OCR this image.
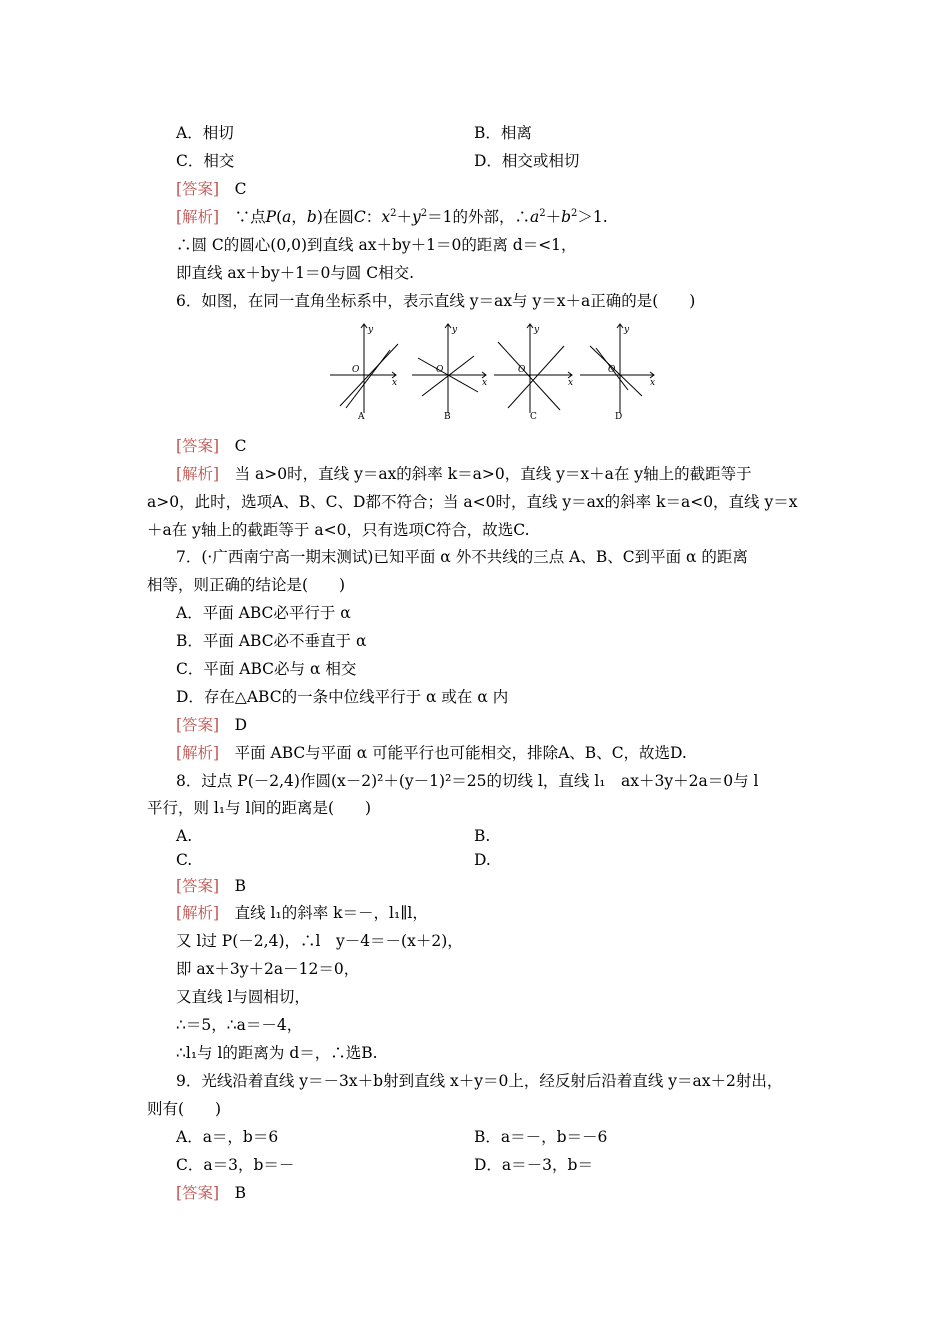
A．相切	B．相离
C．相交	D．相交或相切
[答案]　 C
[解析]　 ∵点P(a，b)在圆C：$x^2+y^2=1$的外部，$\therefore a^2+b^2>1$.
∴圆 C的圆心(0,0)到直线 ax＋by＋1＝0的距离 d＝<1，
即直线 ax＋by＋1＝0与圆 C相交.
6．如图，在同一直角坐标系中，表示直线 y＝ax与 y＝x＋a正确的是(　　)
y
x
O
y
x
O
y
x
O
y
x
O
A	B	C	D
[答案]　 C
[解析]　 当 a>0时，直线 y＝ax的斜率 k＝a>0，直线 y＝x＋a在 y轴上的截距等于
a>0，此时，选项A、B、C、D都不符合；当 a<0时，直线 y＝ax的斜率 k＝a<0，直线 y＝x
＋a在 y轴上的截距等于 a<0，只有选项C符合，故选C.
7．(·广西南宁高一期末测试)已知平面 α 外不共线的三点 A、B、C到平面 α 的距离
相等，则正确的结论是(　　)
A．平面 ABC必平行于 α
B．平面 ABC必不垂直于 α
C．平面 ABC必与 α 相交
D．存在△ABC的一条中位线平行于 α 或在 α 内
[答案]　 D
[解析]　 平面 ABC与平面 α 可能平行也可能相交，排除A、B、C，故选D.
8．过点 P(－2,4)作圆(x－2)²＋(y－1)²＝25的切线 l，直线 l₁　ax＋3y＋2a＝0与 l
平行，则 l₁与 l间的距离是(　　)
A.	B.
C.	D.
[答案]　 B
[解析]　 直线 l₁的斜率 k＝－，l₁∥l，
又 l过 P(－2,4)，∴l　y－4＝－(x＋2)，
即 ax＋3y＋2a－12＝0，
又直线 l与圆相切，
∴＝5，∴a＝－4，
∴l₁与 l的距离为 d＝，∴选B.
9．光线沿着直线 y＝－3x＋b射到直线 x＋y＝0上，经反射后沿着直线 y＝ax＋2射出，
则有(　　)
A．a＝，b＝6	B．a＝－，b＝－6
C．a＝3，b＝－	D．a＝－3，b＝
[答案]　 B
